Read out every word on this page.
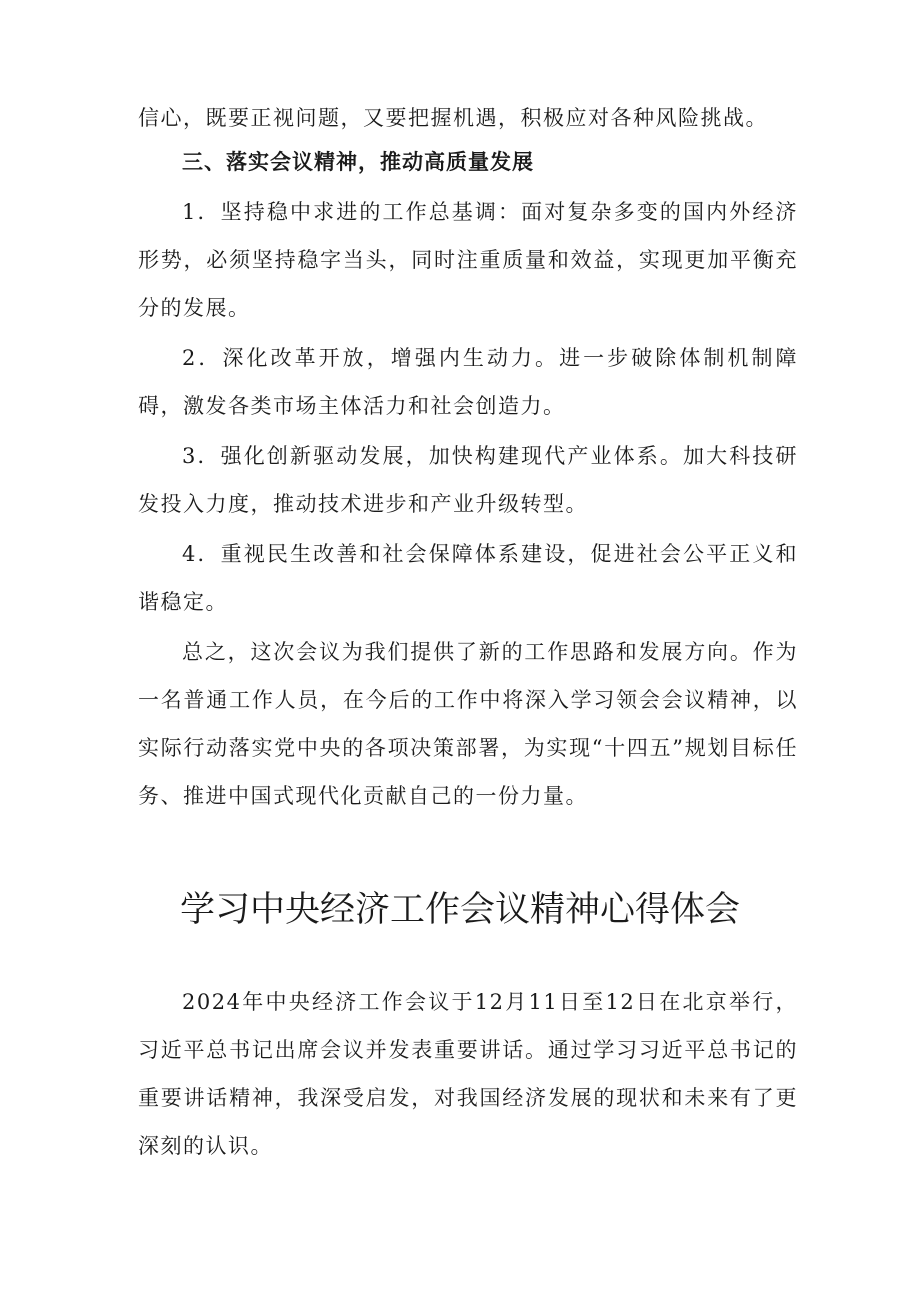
信心，既要正视问题，又要把握机遇，积极应对各种风险挑战。

三、落实会议精神，推动高质量发展

1．坚持稳中求进的工作总基调：面对复杂多变的国内外经济形势，必须坚持稳字当头，同时注重质量和效益，实现更加平衡充分的发展。

2．深化改革开放，增强内生动力。进一步破除体制机制障碍，激发各类市场主体活力和社会创造力。

3．强化创新驱动发展，加快构建现代产业体系。加大科技研发投入力度，推动技术进步和产业升级转型。

4．重视民生改善和社会保障体系建设，促进社会公平正义和谐稳定。

总之，这次会议为我们提供了新的工作思路和发展方向。作为一名普通工作人员，在今后的工作中将深入学习领会会议精神，以实际行动落实党中央的各项决策部署，为实现“十四五”规划目标任务、推进中国式现代化贡献自己的一份力量。

学习中央经济工作会议精神心得体会

2024年中央经济工作会议于12月11日至12日在北京举行，习近平总书记出席会议并发表重要讲话。通过学习习近平总书记的重要讲话精神，我深受启发，对我国经济发展的现状和未来有了更深刻的认识。
